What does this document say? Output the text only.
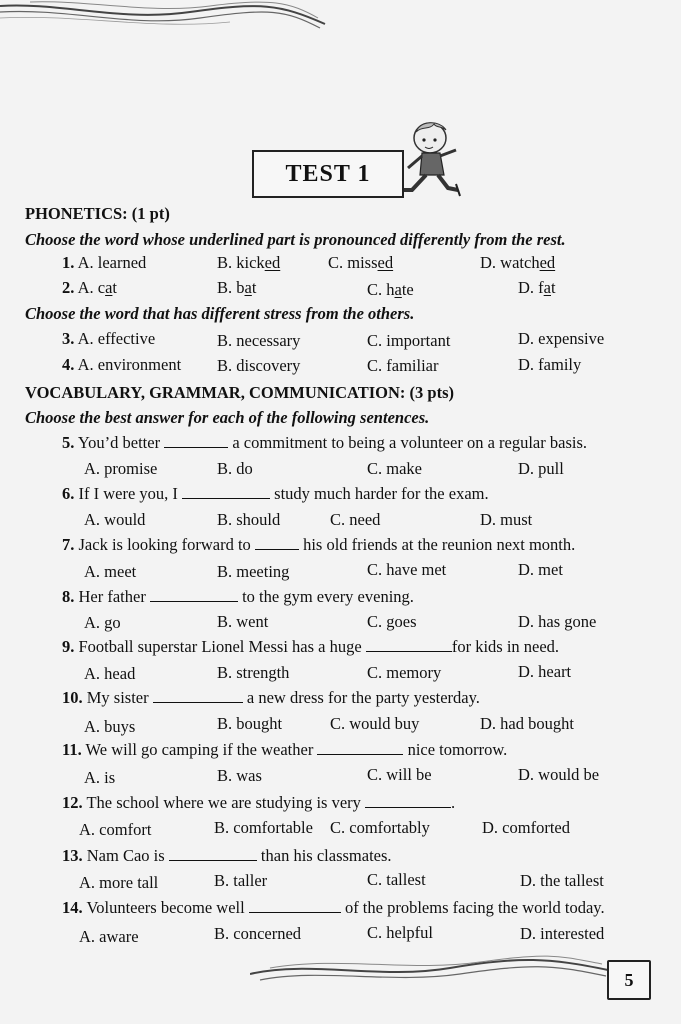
TEST 1
PHONETICS: (1 pt)
Choose the word whose underlined part is pronounced differently from the rest.
1. A. learned	B. kicked	C. missed	D. watched
2. A. cat	B. bat	C. hate	D. fat
Choose the word that has different stress from the others.
3. A. effective	B. necessary	C. important	D. expensive
4. A. environment B. discovery	C. familiar	D. family
VOCABULARY, GRAMMAR, COMMUNICATION: (3 pts)
Choose the best answer for each of the following sentences.
5. You’d better	a commitment to being a volunteer on a regular basis.
A. promise	B. do	C. make	D. pull
6. If I were you, I	study much harder for the exam.
A. would	B. should	C. need	D. must
7. Jack is looking forward to	his old friends at the reunion next month.
A. meet	B. meeting	C. have met	D. met
8. Her father	to the gym every evening.
A. go	B. went	C. goes	D. has gone
9. Football superstar Lionel Messi has a huge	for kids in need.
A. head	B. strength	C. memory	D. heart
10. My sister	a new dress for the party yesterday.
A. buys	B. bought	C. would buy	D. had bought
11. We will go camping if the weather	nice tomorrow.
A. is	B. was	C. will be	D. would be
12. The school where we are studying is very	.
A. comfort	B. comfortable C. comfortably	D. comforted
13. Nam Cao is	than his classmates.
A. more tall	B. taller	C. tallest	D. the tallest
14. Volunteers become well	of the problems facing the world today.
A. aware	B. concerned	C. helpful	D. interested
5
